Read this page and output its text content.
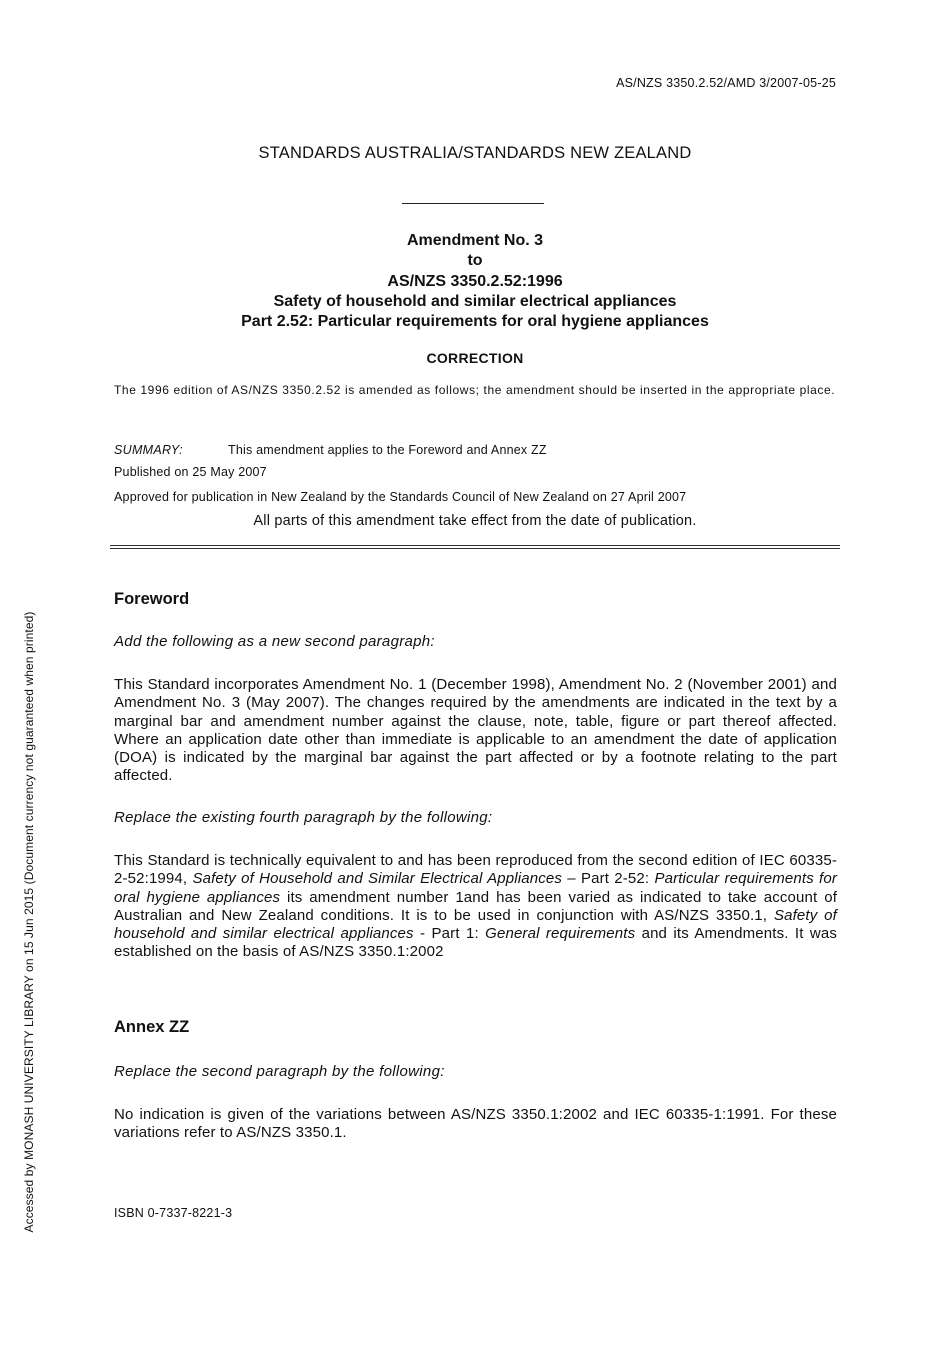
AS/NZS 3350.2.52/AMD 3/2007-05-25
STANDARDS AUSTRALIA/STANDARDS NEW ZEALAND
Amendment No. 3
to
AS/NZS 3350.2.52:1996
Safety of household and similar electrical appliances
Part 2.52: Particular requirements for oral hygiene appliances
CORRECTION
The 1996 edition of AS/NZS 3350.2.52 is amended as follows; the amendment should be inserted in the appropriate place.
SUMMARY:	This amendment applies to the Foreword and Annex ZZ
Published on 25 May 2007
Approved for publication in New Zealand by the Standards Council of New Zealand on 27 April 2007
All parts of this amendment take effect from the date of publication.
Foreword
Add the following as a new second paragraph:
This Standard incorporates Amendment No. 1 (December 1998), Amendment No. 2 (November 2001) and Amendment No. 3 (May 2007). The changes required by the amendments are indicated in the text by a marginal bar and amendment number against the clause, note, table, figure or part thereof affected. Where an application date other than immediate is applicable to an amendment the date of application (DOA) is indicated by the marginal bar against the part affected or by a footnote relating to the part affected.
Replace the existing fourth paragraph by the following:
This Standard is technically equivalent to and has been reproduced from the second edition of IEC 60335-2-52:1994, Safety of Household and Similar Electrical Appliances – Part 2-52: Particular requirements for oral hygiene appliances its amendment number 1and has been varied as indicated to take account of Australian and New Zealand conditions. It is to be used in conjunction with AS/NZS 3350.1, Safety of household and similar electrical appliances - Part 1: General requirements and its Amendments. It was established on the basis of AS/NZS 3350.1:2002
Annex ZZ
Replace the second paragraph by the following:
No indication is given of the variations between AS/NZS 3350.1:2002 and IEC 60335-1:1991. For these variations refer to AS/NZS 3350.1.
ISBN 0-7337-8221-3
Accessed by MONASH UNIVERSITY LIBRARY on 15 Jun 2015 (Document currency not guaranteed when printed)
